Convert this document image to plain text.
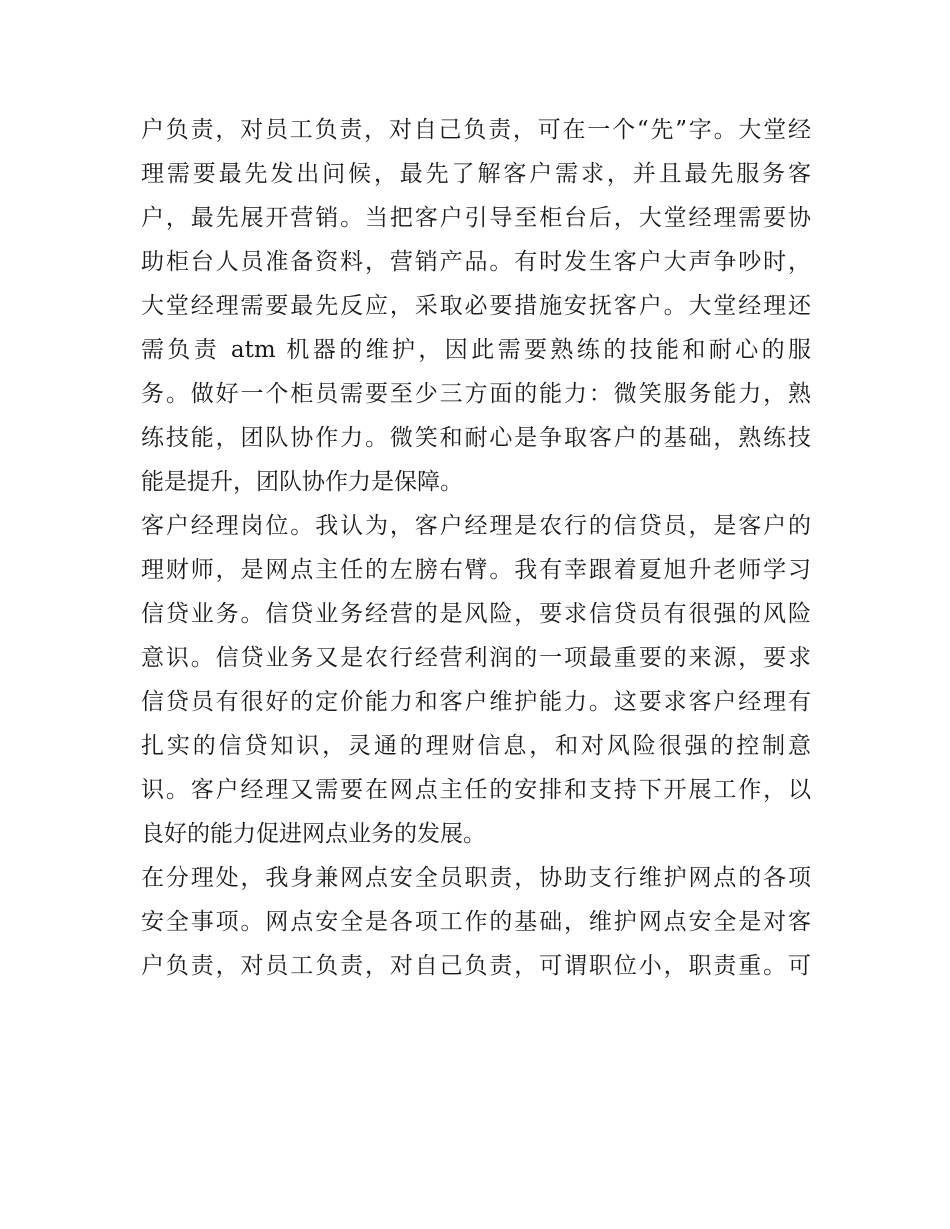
户负责，对员工负责，对自己负责，可在一个“先”字。大堂经
理需要最先发出问候，最先了解客户需求，并且最先服务客
户，最先展开营销。当把客户引导至柜台后，大堂经理需要协
助柜台人员准备资料，营销产品。有时发生客户大声争吵时，
大堂经理需要最先反应，采取必要措施安抚客户。大堂经理还
需负责 atm 机器的维护，因此需要熟练的技能和耐心的服
务。做好一个柜员需要至少三方面的能力：微笑服务能力，熟
练技能，团队协作力。微笑和耐心是争取客户的基础，熟练技
能是提升，团队协作力是保障。
客户经理岗位。我认为，客户经理是农行的信贷员，是客户的
理财师，是网点主任的左膀右臂。我有幸跟着夏旭升老师学习
信贷业务。信贷业务经营的是风险，要求信贷员有很强的风险
意识。信贷业务又是农行经营利润的一项最重要的来源，要求
信贷员有很好的定价能力和客户维护能力。这要求客户经理有
扎实的信贷知识，灵通的理财信息，和对风险很强的控制意
识。客户经理又需要在网点主任的安排和支持下开展工作，以
良好的能力促进网点业务的发展。
在分理处，我身兼网点安全员职责，协助支行维护网点的各项
安全事项。网点安全是各项工作的基础，维护网点安全是对客
户负责，对员工负责，对自己负责，可谓职位小，职责重。可
